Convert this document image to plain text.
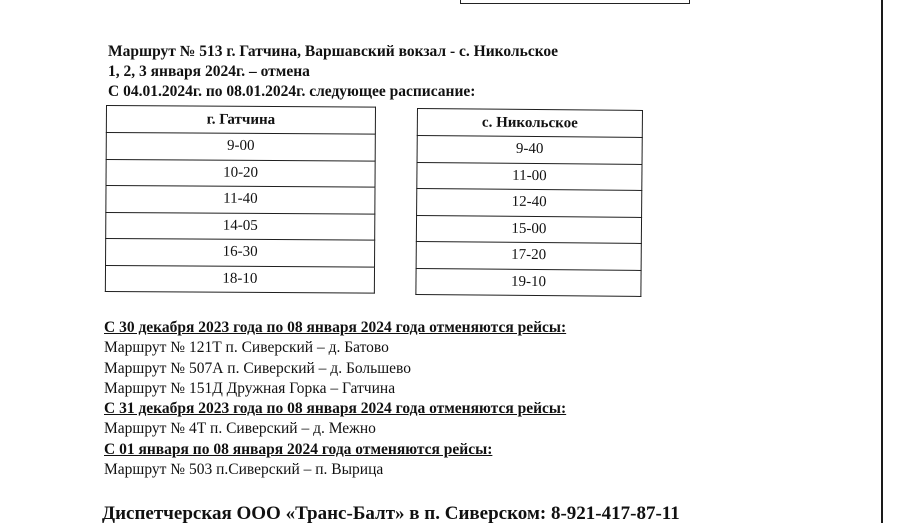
Маршрут № 513 г. Гатчина, Варшавский вокзал - с. Никольское
1, 2, 3 января 2024г. – отмена
С 04.01.2024г. по 08.01.2024г. следующее расписание:
г. Гатчина
9-00
10-20
11-40
14-05
16-30
18-10
с. Никольское
9-40
11-00
12-40
15-00
17-20
19-10
С 30 декабря 2023 года по 08 января 2024 года отменяются рейсы:
Маршрут № 121Т п. Сиверский – д. Батово
Маршрут № 507А п. Сиверский – д. Большево
Маршрут № 151Д Дружная Горка – Гатчина
С 31 декабря 2023 года по 08 января 2024 года отменяются рейсы:
Маршрут № 4Т п. Сиверский – д. Межно
С 01 января по 08 января 2024 года отменяются рейсы:
Маршрут № 503 п.Сиверский – п. Вырица
Диспетчерская ООО «Транс-Балт» в п. Сиверском: 8-921-417-87-11
